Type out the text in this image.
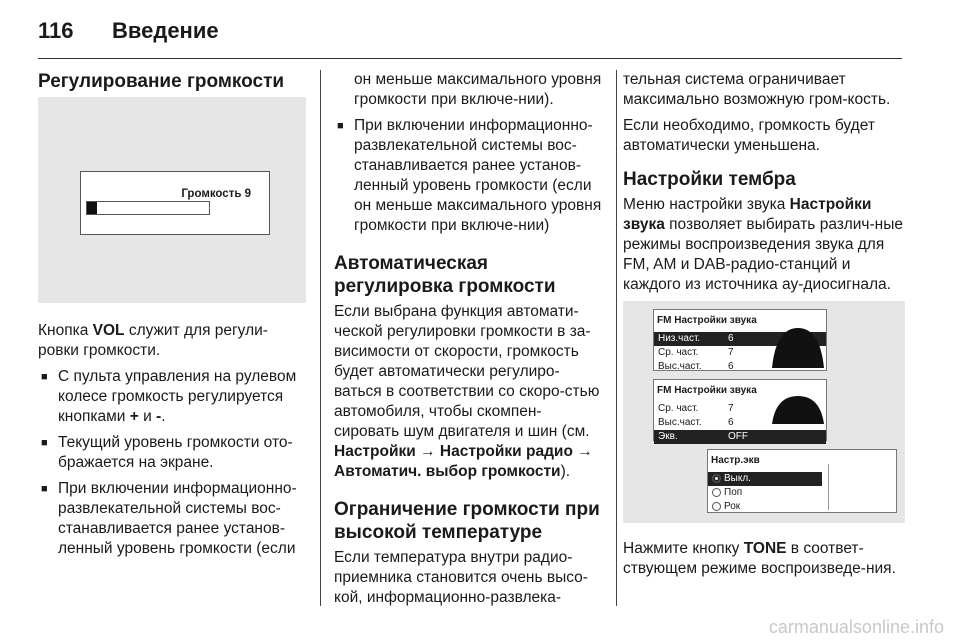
116 Введение
Регулирование громкости
Громкость 9

Кнопка VOL служит для регули-ровки громкости.

■ С пульта управления на рулевом колесе громкость регулируется кнопками + и -.
■ Текущий уровень громкости ото-бражается на экране.
■ При включении информационно-развлекательной системы вос-станавливается ранее установ-ленный уровень громкости (если

он меньше максимального уровня громкости при включе-нии).

■ При включении информационно-развлекательной системы вос-станавливается ранее установ-ленный уровень громкости (если он меньше максимального уровня громкости при включе-нии)
Автоматическая регулировка громкости

Если выбрана функция автомати-ческой регулировки громкости в за-висимости от скорости, громкость будет автоматически регулиро-ваться в соответствии со скоро-стью автомобиля, чтобы скомпен-сировать шум двигателя и шин (см. Настройки → Настройки радио → Автоматич. выбор громкости).

Ограничение громкости при высокой температуре

Если температура внутри радио-приемника становится очень высо-кой, информационно-развлека-

тельная система ограничивает максимально возможную гром-кость.

Если необходимо, громкость будет автоматически уменьшена.

Настройки тембра

Меню настройки звука Настройки звука позволяет выбирать различ-ные режимы воспроизведения звука для FM, AM и DAB-радио-станций и каждого из источника ау-диосигнала.

FM Настройки звука
Низ.част.	6
Ср. част.	7
Выс.част.	6
FM Настройки звука
Ср. част.	7
Выс.част.	6
Экв.	OFF
Настр.экв
Выкл.
Поп
Рок

Нажмите кнопку TONE в соответ-ствующем режиме воспроизведе-ния.

carmanualsonline.info
